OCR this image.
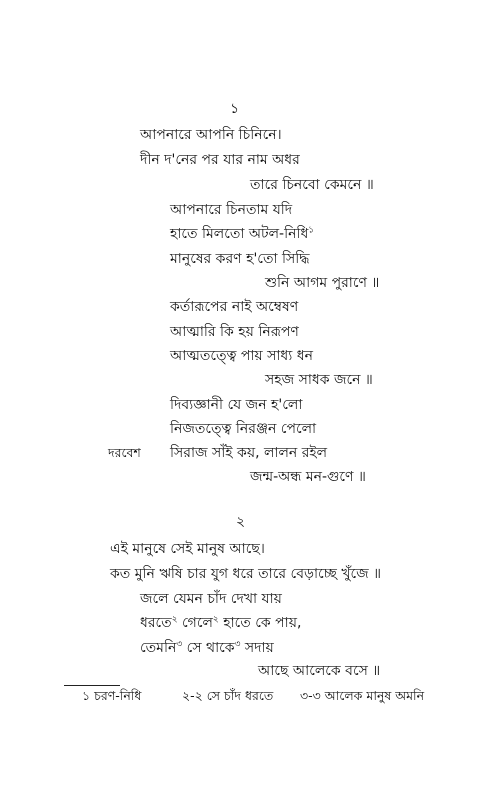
১
আপনারে আপনি চিনিনে।
দীন দ'নের পর যার নাম অধর
তারে চিনবো কেমনে ॥
আপনারে চিনতাম যদি
হাতে মিলতো অটল-নিধি$^১$
মানুষের করণ হ'তো সিদ্ধি
শুনি আগম পুরাণে ॥
কর্তারূপের নাই অম্বেষণ
আত্মারি কি হয় নিরূপণ
আত্মতত্ত্বে পায় সাধ্য ধন
সহজ সাধক জনে ॥
দিব্যজ্ঞানী যে জন হ'লো
নিজতত্ত্বে নিরঞ্জন পেলো
দরবেশ সিরাজ সাঁই কয়, লালন রইল
জন্ম-অন্ধ মন-গুণে ॥
২
এই মানুষে সেই মানুষ আছে।
কত মুনি ঋষি চার যুগ ধরে তারে বেড়াচ্ছে খুঁজে ॥
জলে যেমন চাঁদ দেখা যায়
ধরতে$^২$ গেলে$^২$ হাতে কে পায়,
তেমনি$^৩$ সে থাকে$^৩$ সদায়
আছে আলেকে বসে ॥
১ চরণ-নিধি	২-২ সে চাঁদ ধরতে ৩-৩ আলেক মানুষ অমনি
